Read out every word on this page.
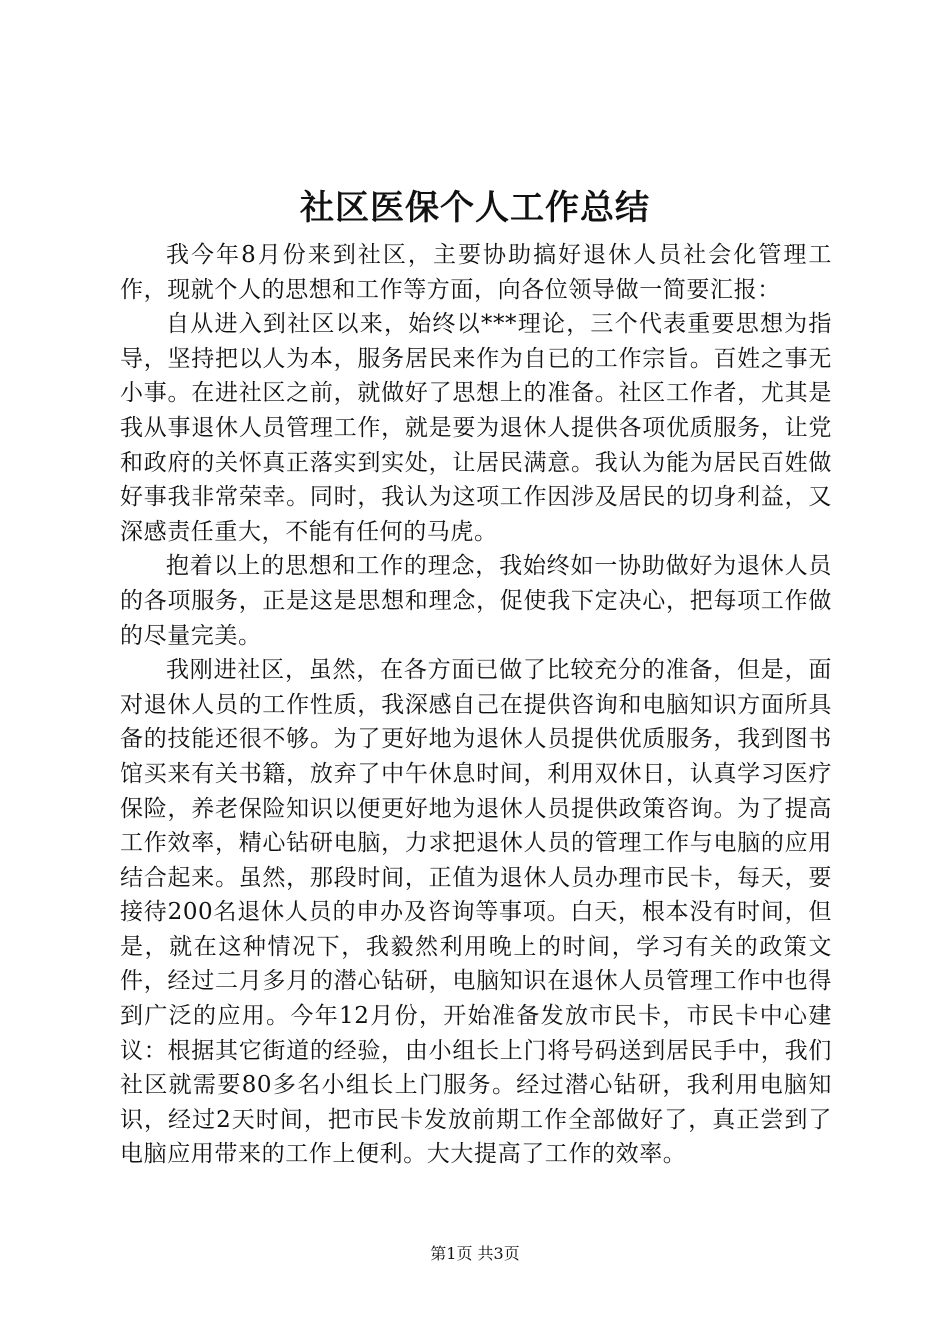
社区医保个人工作总结

我今年8月份来到社区，主要协助搞好退休人员社会化管理工作，现就个人的思想和工作等方面，向各位领导做一简要汇报：

自从进入到社区以来，始终以***理论，三个代表重要思想为指导，坚持把以人为本，服务居民来作为自已的工作宗旨。百姓之事无小事。在进社区之前，就做好了思想上的准备。社区工作者，尤其是我从事退休人员管理工作，就是要为退休人提供各项优质服务，让党和政府的关怀真正落实到实处，让居民满意。我认为能为居民百姓做好事我非常荣幸。同时，我认为这项工作因涉及居民的切身利益，又深感责任重大，不能有任何的马虎。

抱着以上的思想和工作的理念，我始终如一协助做好为退休人员的各项服务，正是这是思想和理念，促使我下定决心，把每项工作做的尽量完美。

我刚进社区，虽然，在各方面已做了比较充分的准备，但是，面对退休人员的工作性质，我深感自己在提供咨询和电脑知识方面所具备的技能还很不够。为了更好地为退休人员提供优质服务，我到图书馆买来有关书籍，放弃了中午休息时间，利用双休日，认真学习医疗保险，养老保险知识以便更好地为退休人员提供政策咨询。为了提高工作效率，精心钻研电脑，力求把退休人员的管理工作与电脑的应用结合起来。虽然，那段时间，正值为退休人员办理市民卡，每天，要接待200名退休人员的申办及咨询等事项。白天，根本没有时间，但是，就在这种情况下，我毅然利用晚上的时间，学习有关的政策文件，经过二月多月的潜心钻研，电脑知识在退休人员管理工作中也得到广泛的应用。今年12月份，开始准备发放市民卡，市民卡中心建议：根据其它街道的经验，由小组长上门将号码送到居民手中，我们社区就需要80多名小组长上门服务。经过潜心钻研，我利用电脑知识，经过2天时间，把市民卡发放前期工作全部做好了，真正尝到了电脑应用带来的工作上便利。大大提高了工作的效率。

第1页 共3页
